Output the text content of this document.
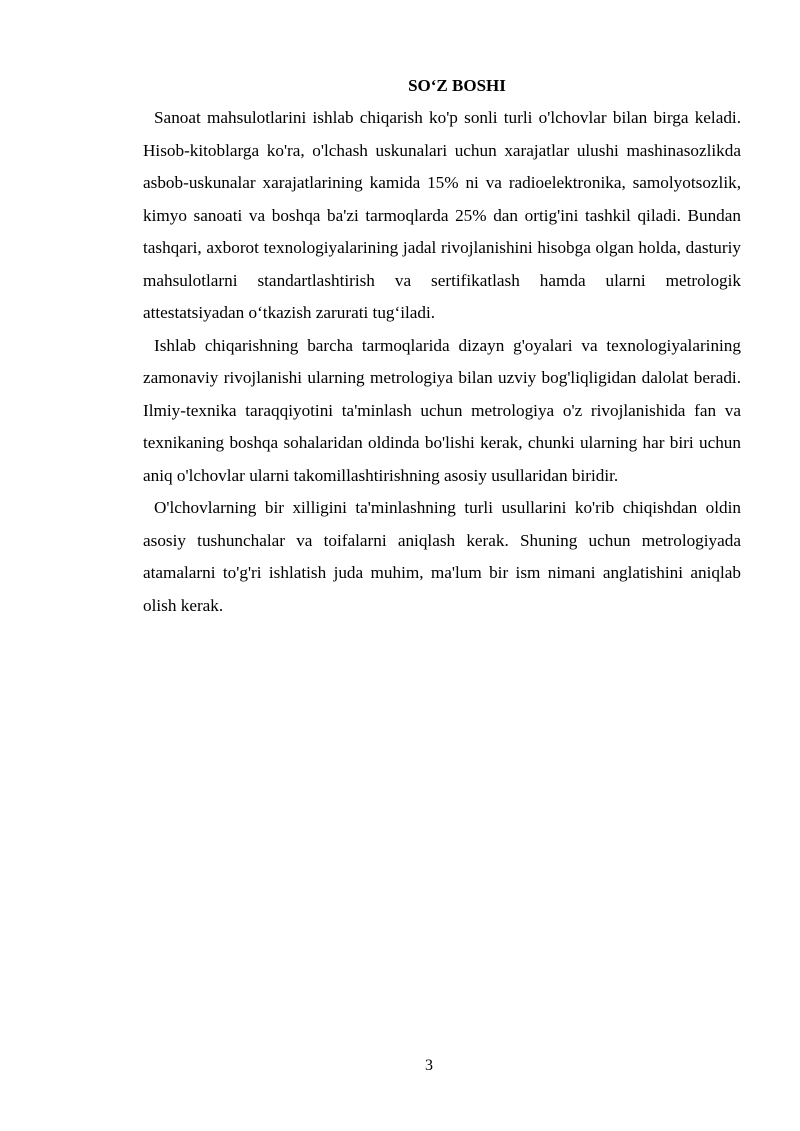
SO‘Z BOSHI

Sanoat mahsulotlarini ishlab chiqarish ko'p sonli turli o'lchovlar bilan birga keladi. Hisob-kitoblarga ko'ra, o'lchash uskunalari uchun xarajatlar ulushi mashinasozlikda asbob-uskunalar xarajatlarining kamida 15% ni va radioelektronika, samolyotsozlik, kimyo sanoati va boshqa ba'zi tarmoqlarda 25% dan ortig'ini tashkil qiladi. Bundan tashqari, axborot texnologiyalarining jadal rivojlanishini hisobga olgan holda, dasturiy mahsulotlarni standartlashtirish va sertifikatlash hamda ularni metrologik attestatsiyadan o‘tkazish zarurati tug‘iladi.

Ishlab chiqarishning barcha tarmoqlarida dizayn g'oyalari va texnologiyalarining zamonaviy rivojlanishi ularning metrologiya bilan uzviy bog'liqligidan dalolat beradi. Ilmiy-texnika taraqqiyotini ta'minlash uchun metrologiya o'z rivojlanishida fan va texnikaning boshqa sohalaridan oldinda bo'lishi kerak, chunki ularning har biri uchun aniq o'lchovlar ularni takomillashtirishning asosiy usullaridan biridir.

O'lchovlarning bir xilligini ta'minlashning turli usullarini ko'rib chiqishdan oldin asosiy tushunchalar va toifalarni aniqlash kerak. Shuning uchun metrologiyada atamalarni to'g'ri ishlatish juda muhim, ma'lum bir ism nimani anglatishini aniqlab olish kerak.

3
